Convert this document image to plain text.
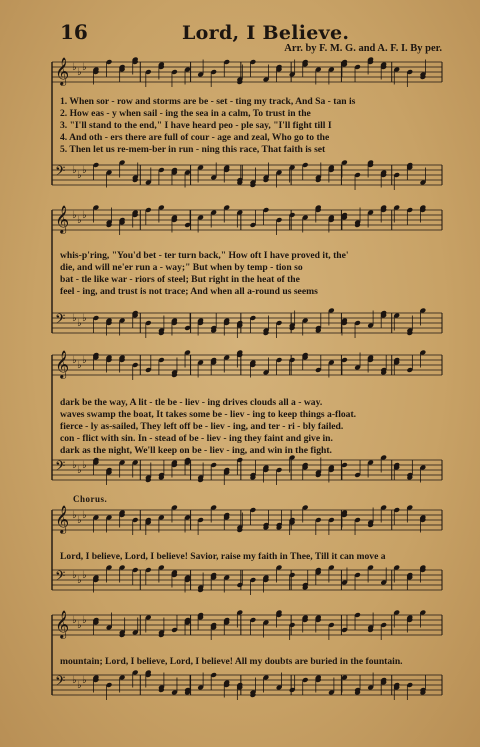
16	Lord, I Believe.
Arr. by F. M. G. and A. F. I. By per.
𝄞 ♭ ♭ ♭
𝄢 ♭ ♭ ♭
𝄞 ♭ ♭ ♭
𝄢 ♭ ♭ ♭
𝄞 ♭ ♭ ♭
𝄢 ♭ ♭ ♭
𝄞 ♭ ♭ ♭
𝄢 ♭ ♭ ♭
𝄞 ♭ ♭ ♭
𝄢 ♭ ♭ ♭
1. When sor - row and storms are be - set - ting my track, And Sa - tan is
2. How eas - y when sail - ing the sea in a calm, To trust in the
3. "I'll stand to the end," I have heard peo - ple say, "I'll fight till I
4. And oth - ers there are full of cour - age and zeal, Who go to the
5. Then let us re-mem-ber in run - ning this race, That faith is set
whis-p'ring, "You'd bet - ter turn back," How oft I have proved it, the'
die, and will ne'er run a - way;" But when by temp - tion so
bat - tle like war - riors of steel; But right in the heat of the
feel - ing, and trust is not trace; And when all a-round us seems
dark be the way, A lit - tle be - liev - ing drives clouds all a - way.
waves swamp the boat, It takes some be - liev - ing to keep things a-float.
fierce - ly as-sailed, They left off be - liev - ing, and ter - ri - bly failed.
con - flict with sin. In - stead of be - liev - ing they faint and give in.
dark as the night, We'll keep on be - liev - ing, and win in the fight.
Chorus.
Lord, I believe, Lord, I believe! Savior, raise my faith in Thee, Till it can move a
mountain; Lord, I believe, Lord, I believe! All my doubts are buried in the fountain.
